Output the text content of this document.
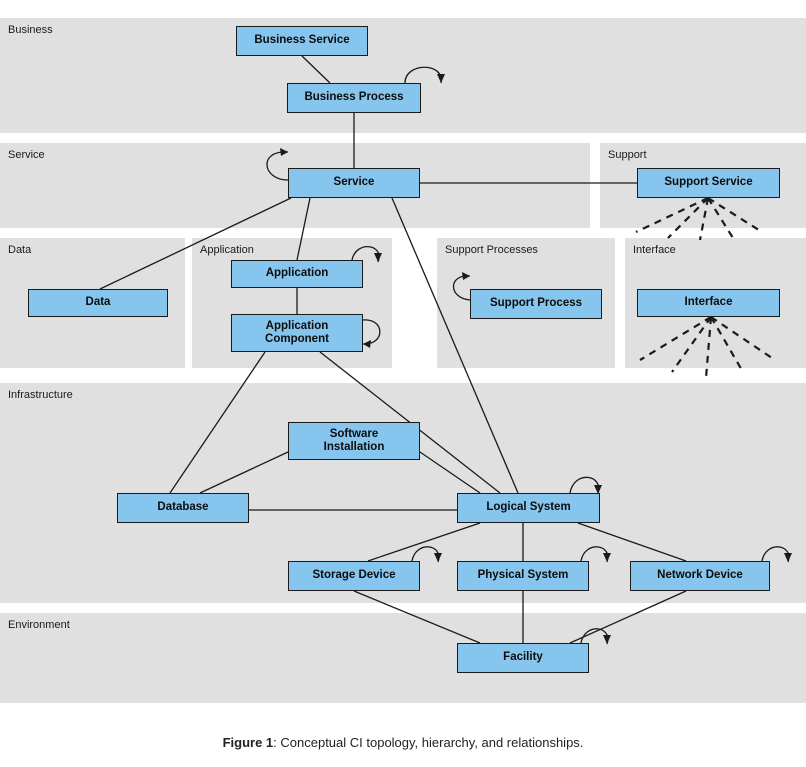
Business
Service	Support
Data	Application	Support Processes	Interface
Infrastructure
Environment
Business Service
Business Process
Service	Support Service
Data
Application
Application
Component
Support Process	Interface
Software
Installation
Database	Logical System
Storage Device	Physical System	Network Device
Facility
Figure 1: Conceptual CI topology, hierarchy, and relationships.
